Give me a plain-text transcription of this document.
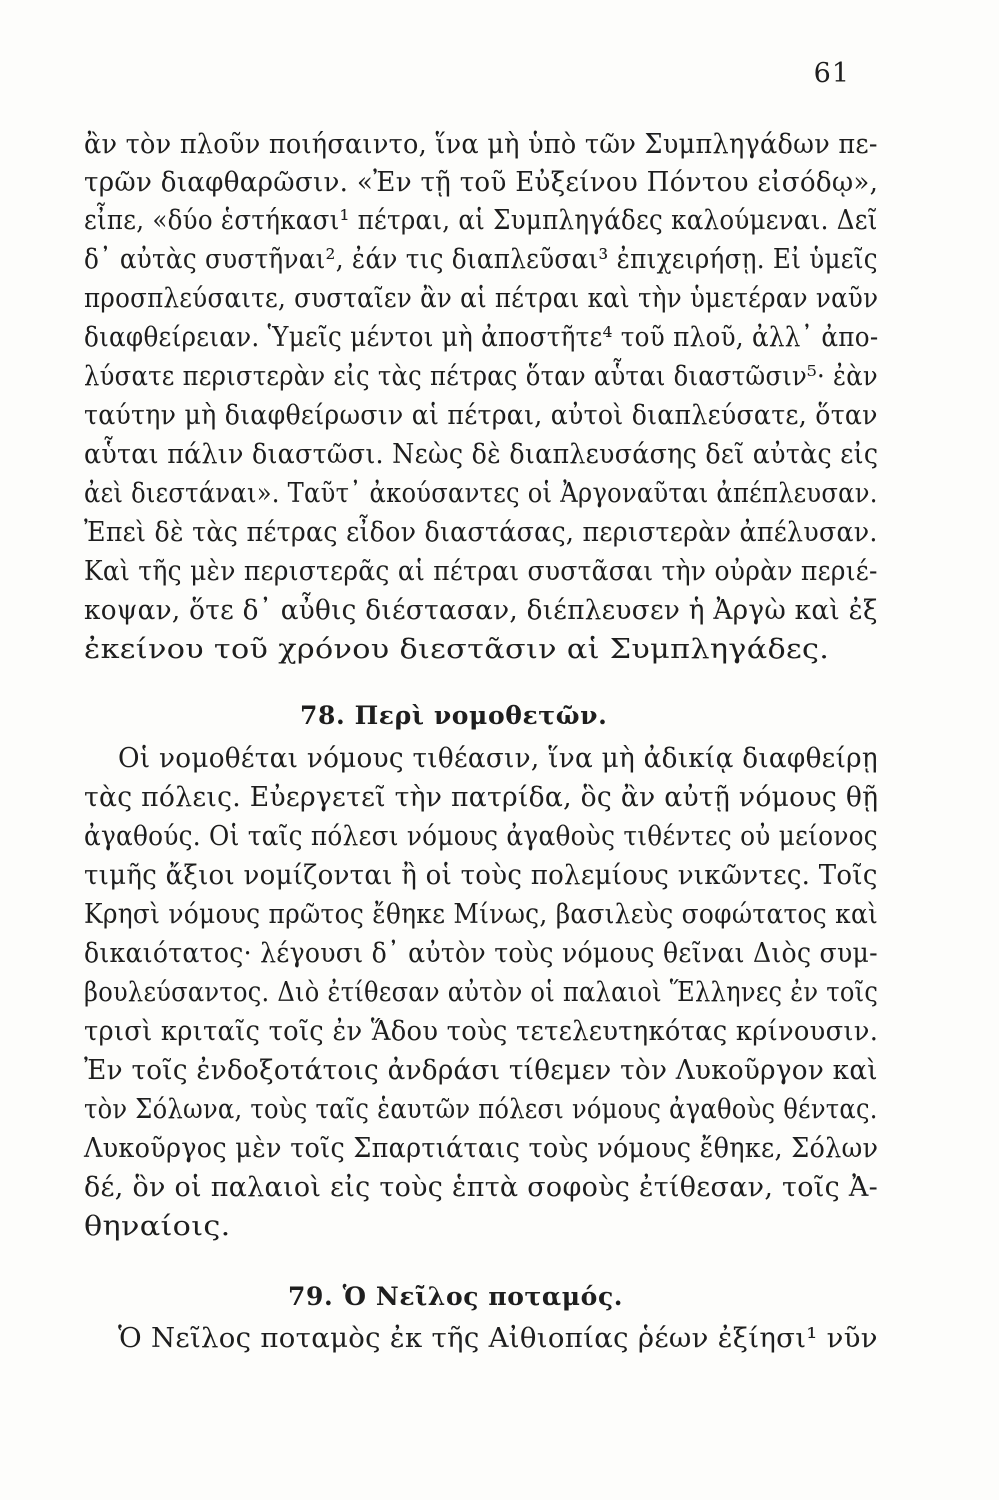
61
ἂν τὸν πλοῦν ποιήσαιντο, ἵνα μὴ ὑπὸ τῶν Συμπληγάδων πε-
τρῶν διαφθαρῶσιν. «Ἐν τῇ τοῦ Εὐξείνου Πόντου εἰσόδῳ»,
εἶπε, «δύο ἑστήκασι¹ πέτραι, αἱ Συμπληγάδες καλούμεναι. Δεῖ
δ᾽ αὐτὰς συστῆναι², ἐάν τις διαπλεῦσαι³ ἐπιχειρήσῃ. Εἰ ὑμεῖς
προσπλεύσαιτε, συσταῖεν ἂν αἱ πέτραι καὶ τὴν ὑμετέραν ναῦν
διαφθείρειαν. Ὑμεῖς μέντοι μὴ ἀποστῆτε⁴ τοῦ πλοῦ, ἀλλ᾽ ἀπο-
λύσατε περιστερὰν εἰς τὰς πέτρας ὅταν αὗται διαστῶσιν⁵· ἐὰν
ταύτην μὴ διαφθείρωσιν αἱ πέτραι, αὐτοὶ διαπλεύσατε, ὅταν
αὗται πάλιν διαστῶσι. Νεὼς δὲ διαπλευσάσης δεῖ αὐτὰς εἰς
ἀεὶ διεστάναι». Ταῦτ᾽ ἀκούσαντες οἱ Ἀργοναῦται ἀπέπλευσαν.
Ἐπεὶ δὲ τὰς πέτρας εἶδον διαστάσας, περιστερὰν ἀπέλυσαν.
Καὶ τῆς μὲν περιστερᾶς αἱ πέτραι συστᾶσαι τὴν οὐρὰν περιέ-
κοψαν, ὅτε δ᾽ αὖθις διέστασαν, διέπλευσεν ἡ Ἀργὼ καὶ ἐξ
ἐκείνου τοῦ χρόνου διεστᾶσιν αἱ Συμπληγάδες.
78. Περὶ νομοθετῶν.
Οἱ νομοθέται νόμους τιθέασιν, ἵνα μὴ ἀδικίᾳ διαφθείρῃ
τὰς πόλεις. Εὐεργετεῖ τὴν πατρίδα, ὃς ἂν αὐτῇ νόμους θῇ
ἀγαθούς. Οἱ ταῖς πόλεσι νόμους ἀγαθοὺς τιθέντες οὐ μείονος
τιμῆς ἄξιοι νομίζονται ἢ οἱ τοὺς πολεμίους νικῶντες. Τοῖς
Κρησὶ νόμους πρῶτος ἔθηκε Μίνως, βασιλεὺς σοφώτατος καὶ
δικαιότατος· λέγουσι δ᾽ αὐτὸν τοὺς νόμους θεῖναι Διὸς συμ-
βουλεύσαντος. Διὸ ἐτίθεσαν αὐτὸν οἱ παλαιοὶ Ἕλληνες ἐν τοῖς
τρισὶ κριταῖς τοῖς ἐν Ἅδου τοὺς τετελευτηκότας κρίνουσιν.
Ἐν τοῖς ἐνδοξοτάτοις ἀνδράσι τίθεμεν τὸν Λυκοῦργον καὶ
τὸν Σόλωνα, τοὺς ταῖς ἑαυτῶν πόλεσι νόμους ἀγαθοὺς θέντας.
Λυκοῦργος μὲν τοῖς Σπαρτιάταις τοὺς νόμους ἔθηκε, Σόλων
δέ, ὃν οἱ παλαιοὶ εἰς τοὺς ἑπτὰ σοφοὺς ἐτίθεσαν, τοῖς Ἀ-
θηναίοις.
79. Ὁ Νεῖλος ποταμός.
Ὁ Νεῖλος ποταμὸς ἐκ τῆς Αἰθιοπίας ῥέων ἐξίησι¹ νῦν
